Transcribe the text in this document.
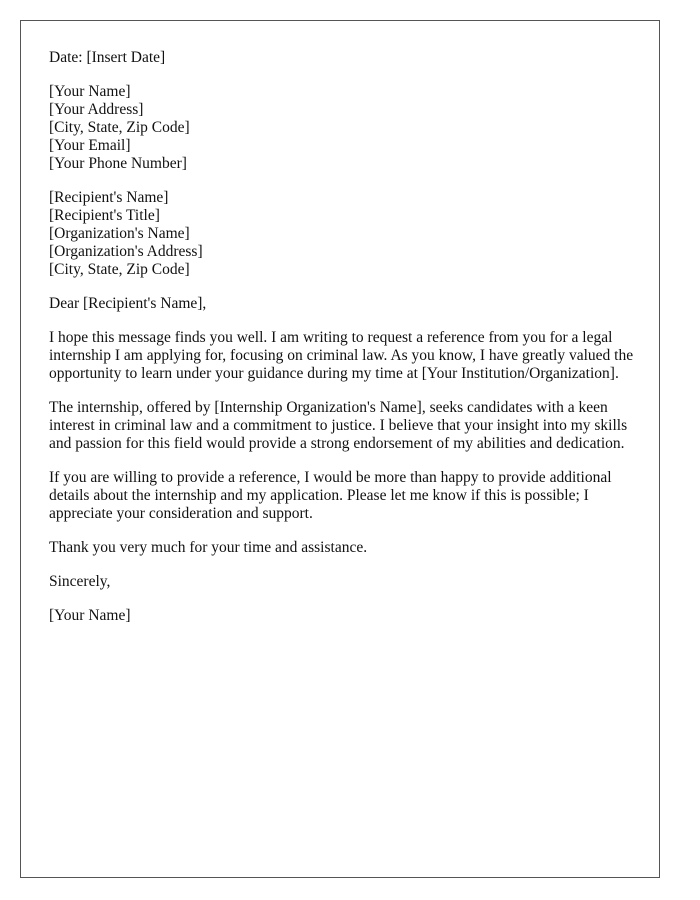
Date: [Insert Date]

[Your Name]
[Your Address]
[City, State, Zip Code]
[Your Email]
[Your Phone Number]
[Recipient's Name]
[Recipient's Title]
[Organization's Name]
[Organization's Address]
[City, State, Zip Code]

Dear [Recipient's Name],

I hope this message finds you well. I am writing to request a reference from you for a legal internship I am applying for, focusing on criminal law. As you know, I have greatly valued the opportunity to learn under your guidance during my time at [Your Institution/Organization].

The internship, offered by [Internship Organization's Name], seeks candidates with a keen interest in criminal law and a commitment to justice. I believe that your insight into my skills and passion for this field would provide a strong endorsement of my abilities and dedication.

If you are willing to provide a reference, I would be more than happy to provide additional details about the internship and my application. Please let me know if this is possible; I appreciate your consideration and support.

Thank you very much for your time and assistance.

Sincerely,

[Your Name]
